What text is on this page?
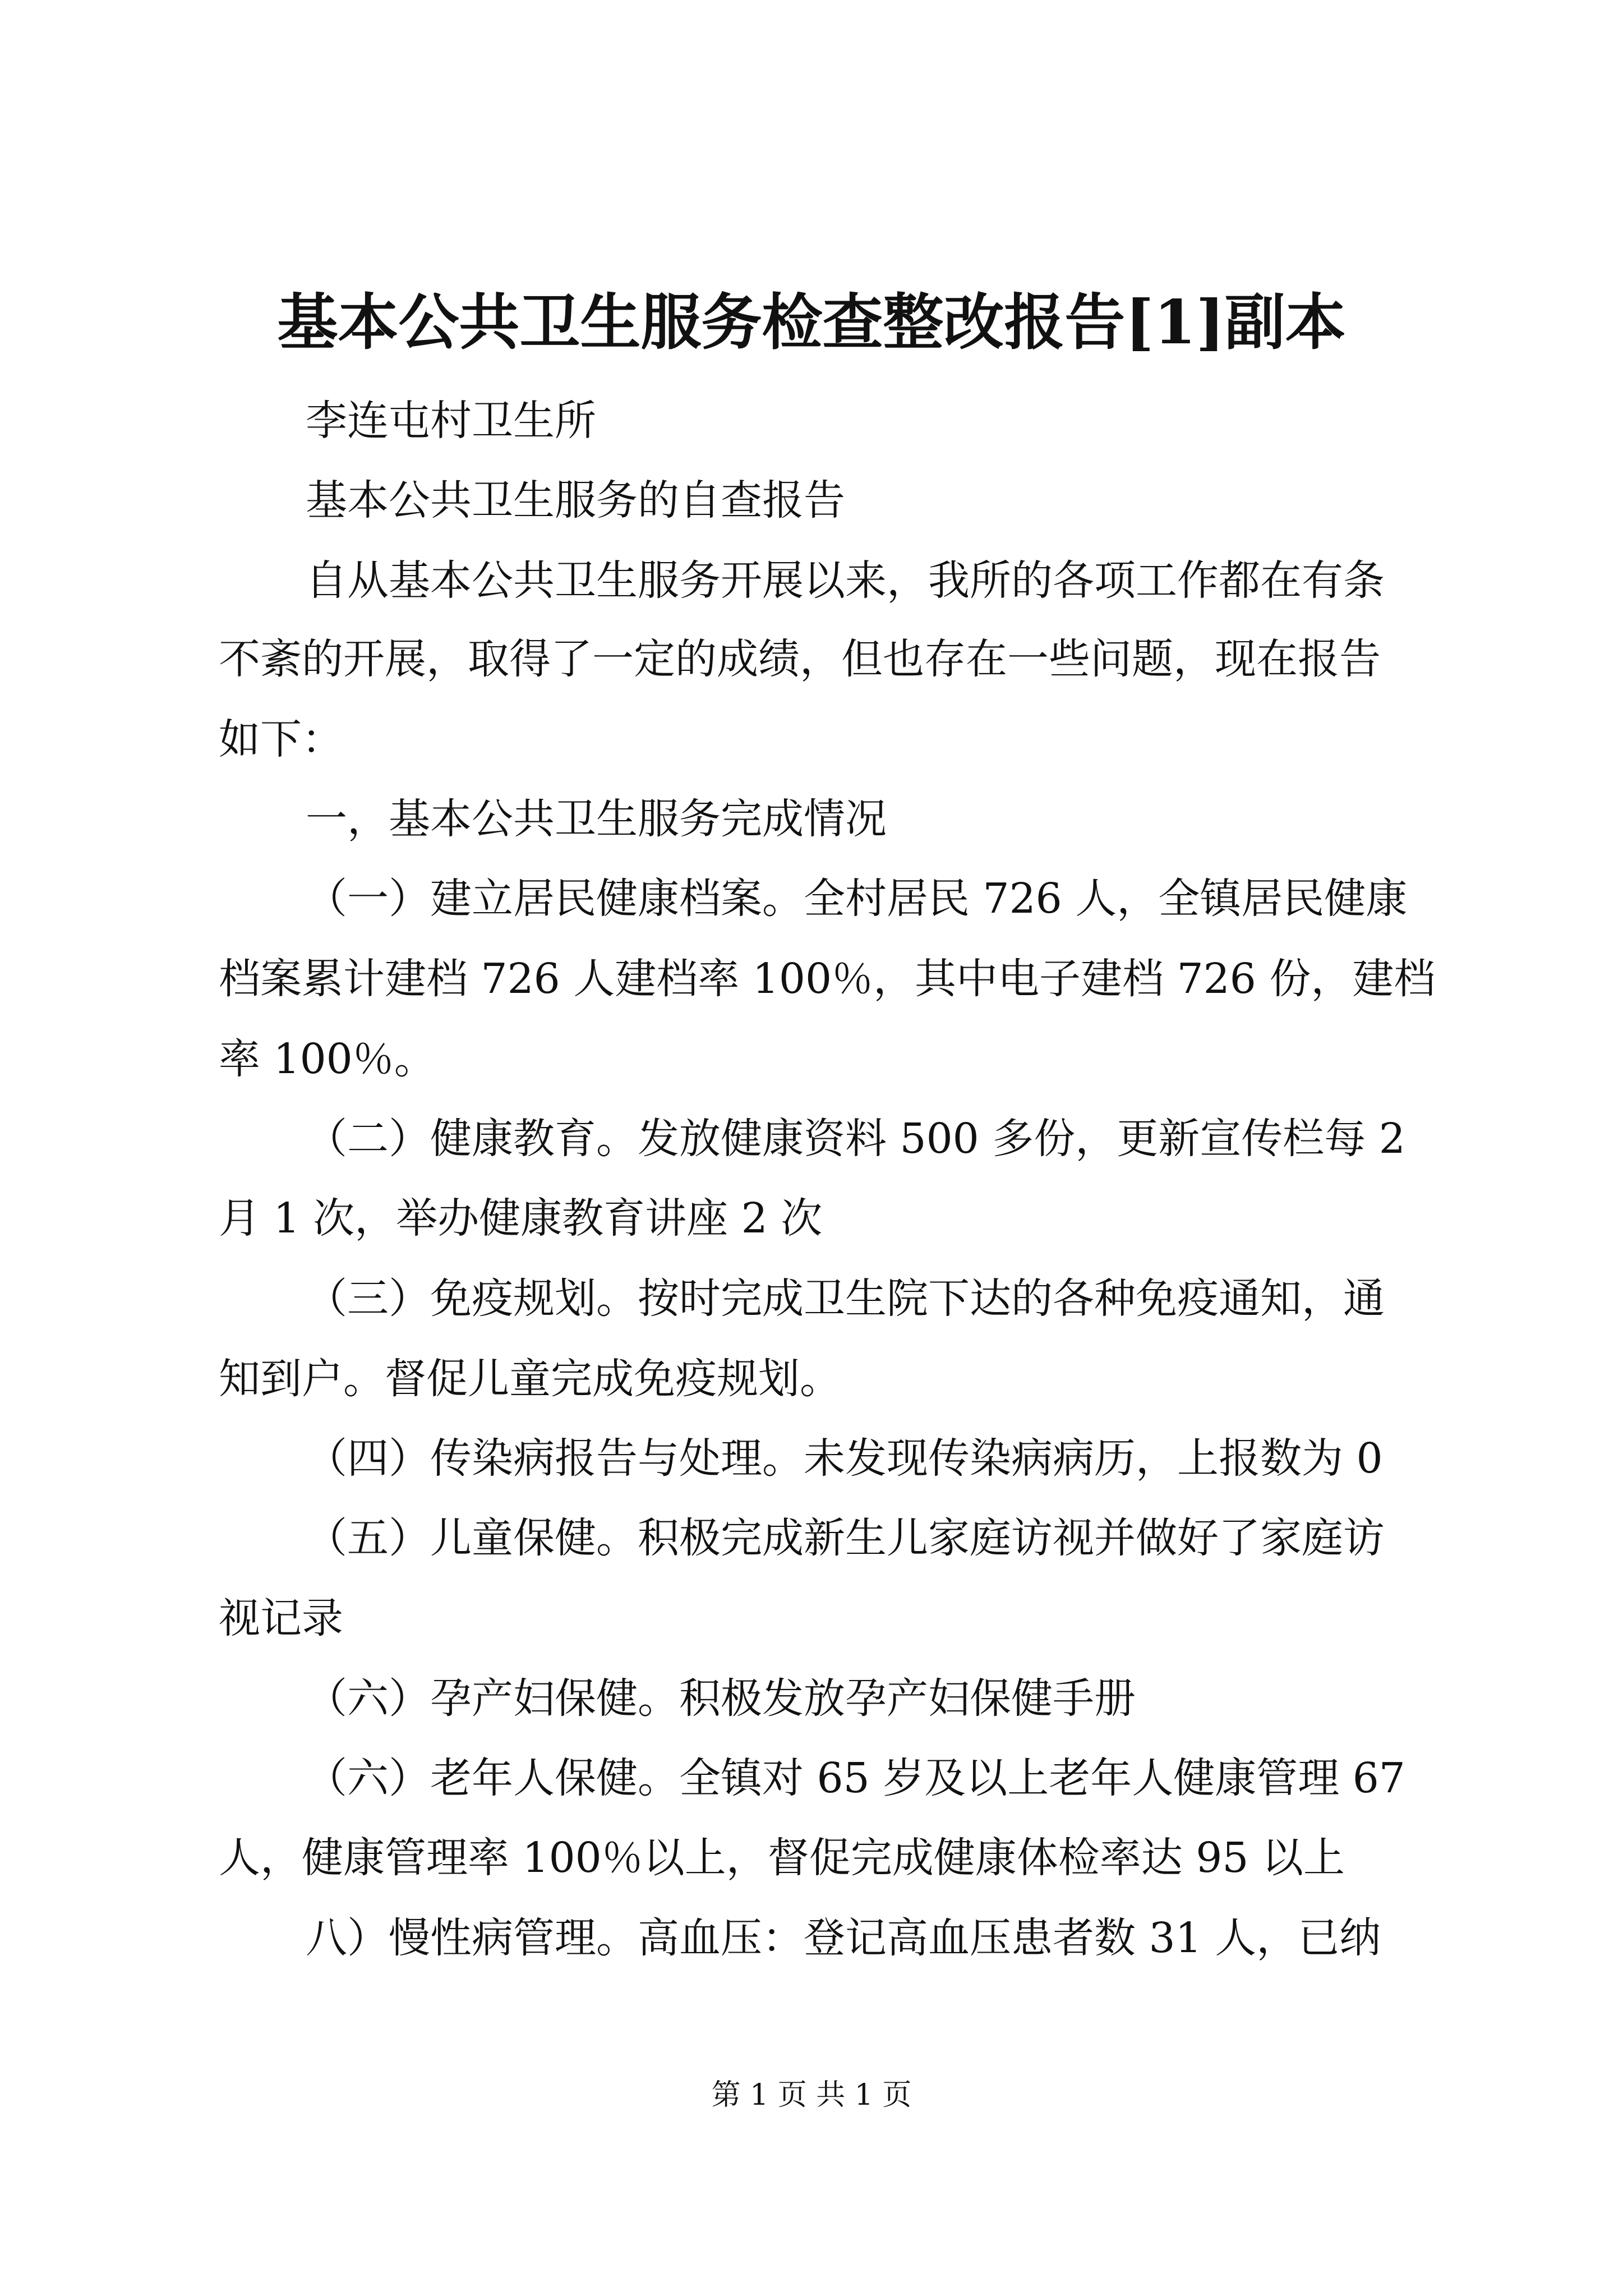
基本公共卫生服务检查整改报告[1]副本
李连屯村卫生所
基本公共卫生服务的自查报告
自从基本公共卫生服务开展以来，我所的各项工作都在有条
不紊的开展，取得了一定的成绩，但也存在一些问题，现在报告
如下：
一，基本公共卫生服务完成情况
（一）建立居民健康档案。全村居民 726 人，全镇居民健康
档案累计建档 726 人建档率 100％，其中电子建档 726 份，建档
率 100％。
（二）健康教育。发放健康资料 500 多份，更新宣传栏每 2
月 1 次，举办健康教育讲座 2 次
（三）免疫规划。按时完成卫生院下达的各种免疫通知，通
知到户。督促儿童完成免疫规划。
（四）传染病报告与处理。未发现传染病病历，上报数为 0
（五）儿童保健。积极完成新生儿家庭访视并做好了家庭访
视记录
（六）孕产妇保健。积极发放孕产妇保健手册
（六）老年人保健。全镇对 65 岁及以上老年人健康管理 67
人，健康管理率 100％以上，督促完成健康体检率达 95 以上
八）慢性病管理。高血压：登记高血压患者数 31 人，已纳
第 1 页 共 1 页
